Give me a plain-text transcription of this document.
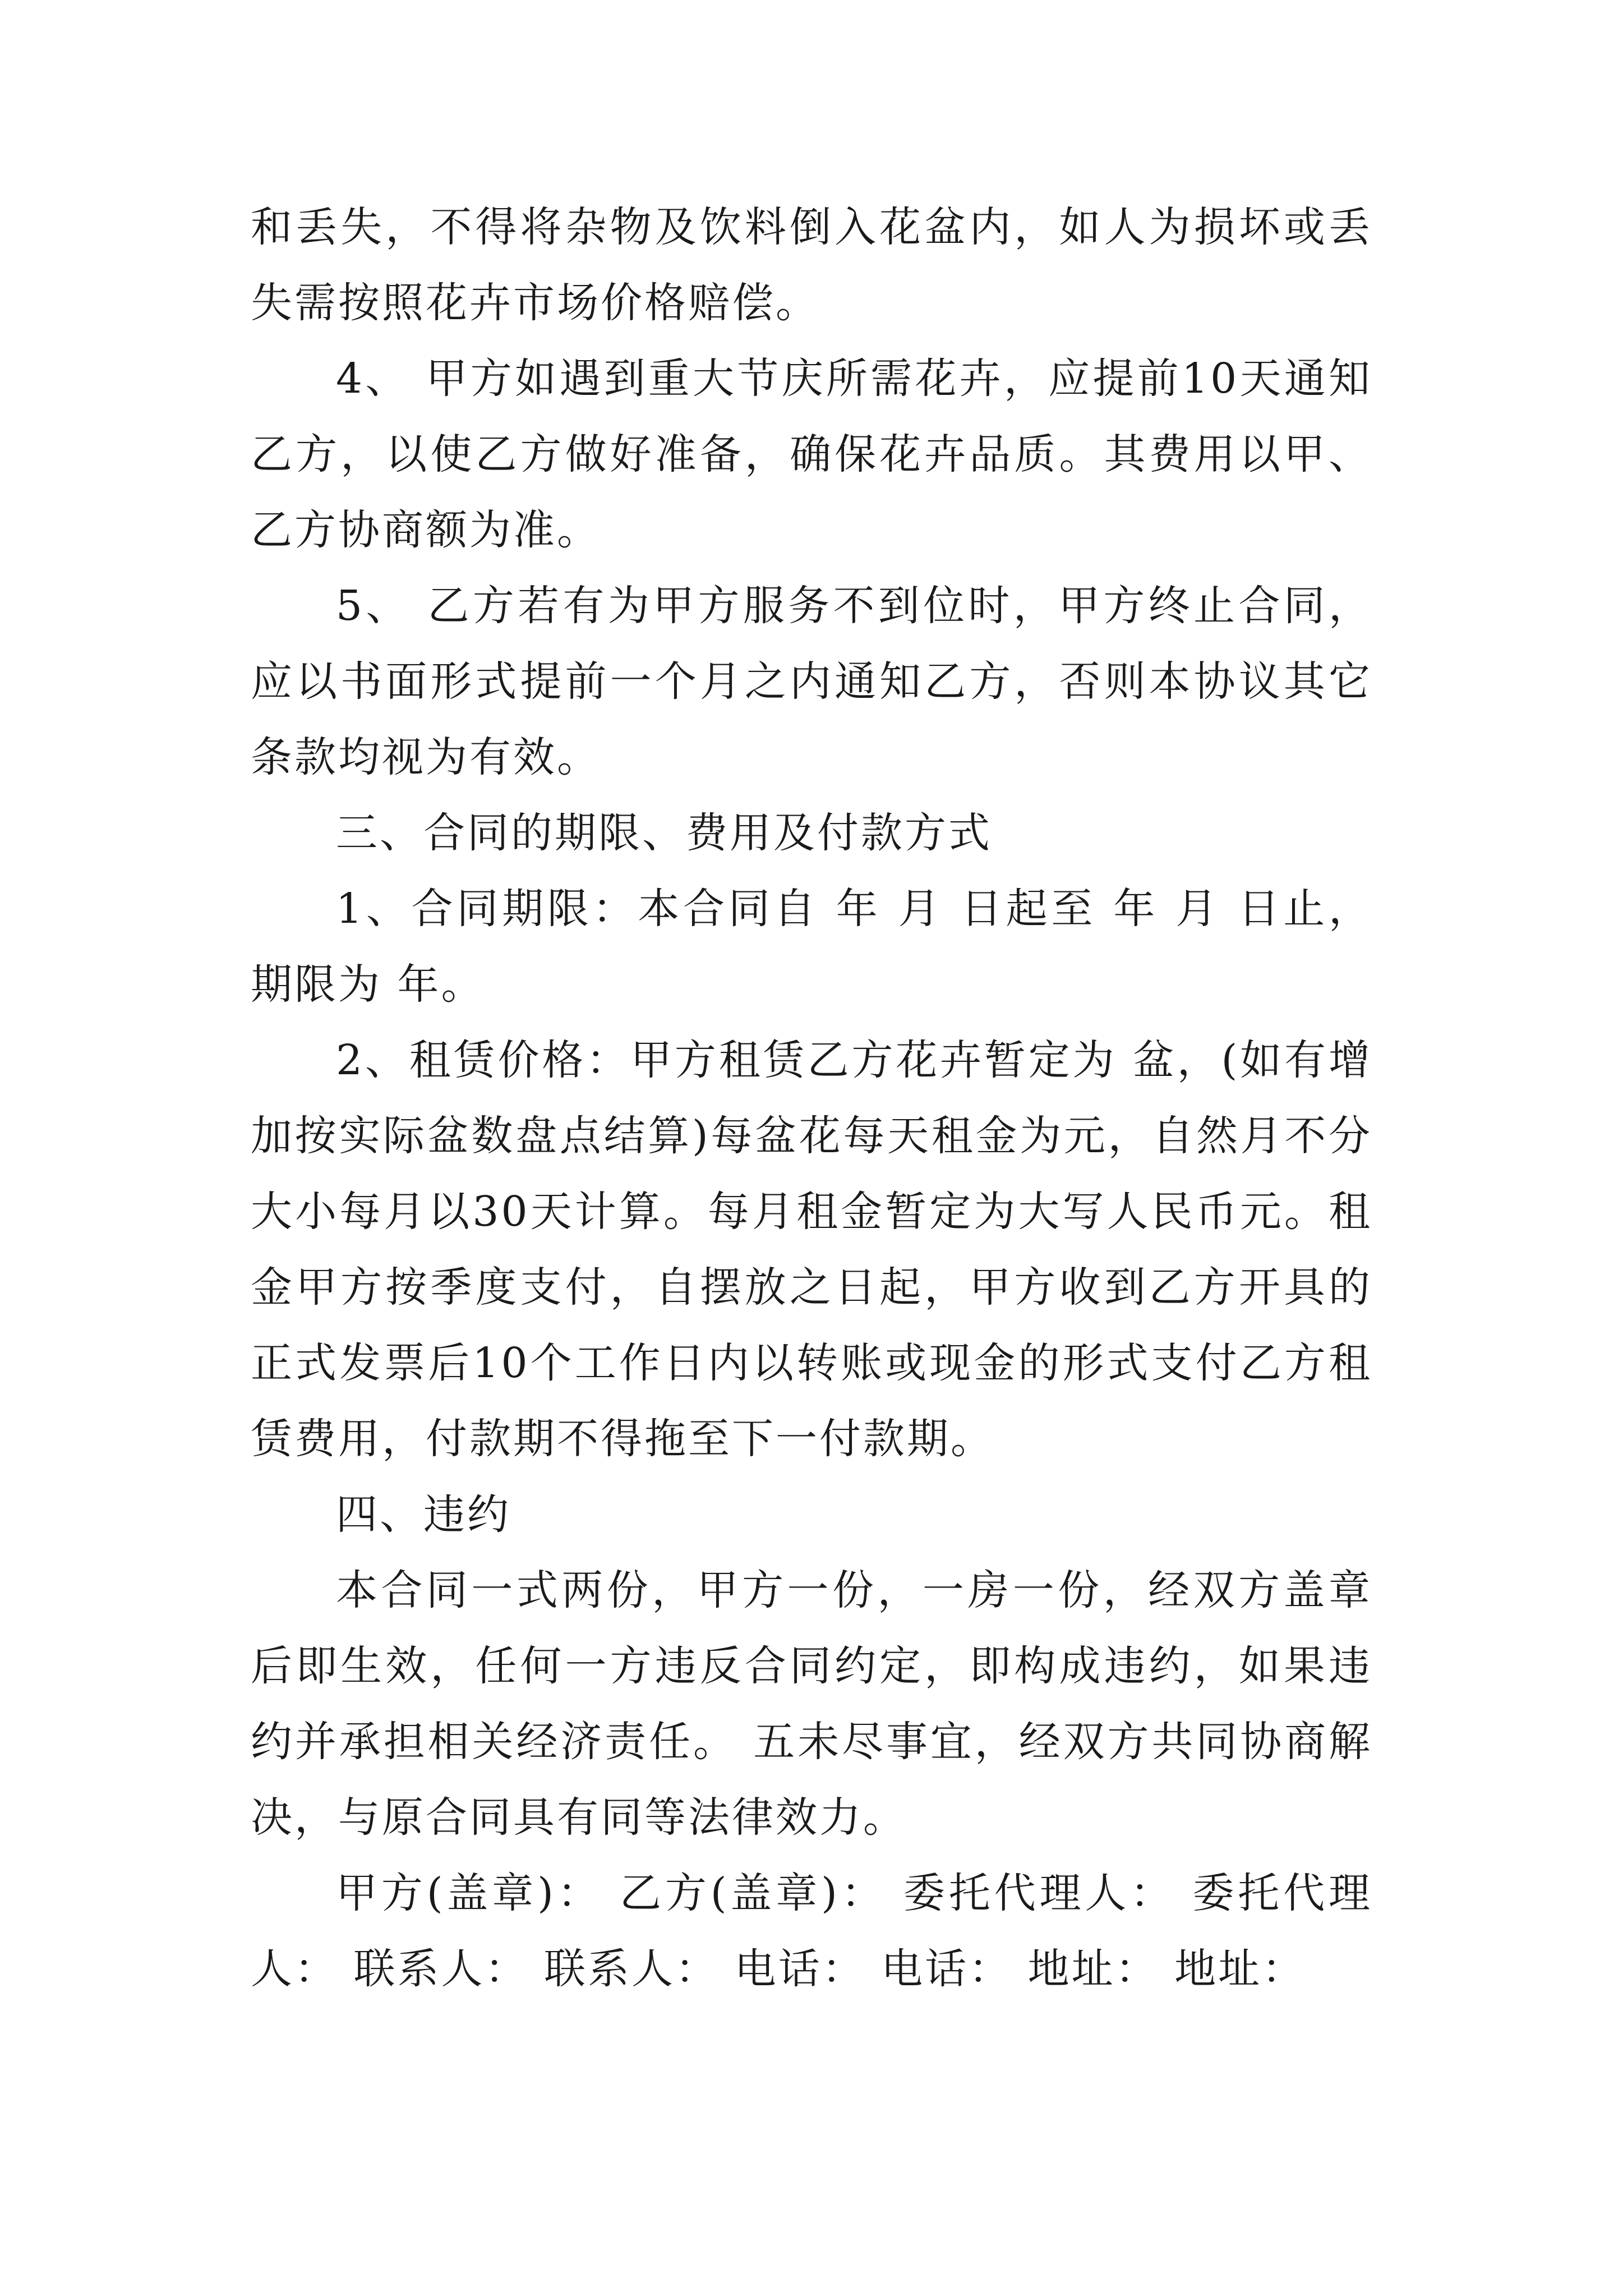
和丢失，不得将杂物及饮料倒入花盆内，如人为损坏或丢失需按照花卉市场价格赔偿。

4、 甲方如遇到重大节庆所需花卉，应提前10天通知乙方，以使乙方做好准备，确保花卉品质。其费用以甲、乙方协商额为准。

5、 乙方若有为甲方服务不到位时，甲方终止合同，应以书面形式提前一个月之内通知乙方，否则本协议其它条款均视为有效。

三、合同的期限、费用及付款方式

1、合同期限：本合同自 年 月 日起至 年 月 日止，期限为 年。

2、租赁价格：甲方租赁乙方花卉暂定为 盆，(如有增加按实际盆数盘点结算)每盆花每天租金为元，自然月不分大小每月以30天计算。每月租金暂定为大写人民币元。租金甲方按季度支付，自摆放之日起，甲方收到乙方开具的正式发票后10个工作日内以转账或现金的形式支付乙方租赁费用，付款期不得拖至下一付款期。

四、违约

本合同一式两份，甲方一份，一房一份，经双方盖章后即生效，任何一方违反合同约定，即构成违约，如果违约并承担相关经济责任。 五未尽事宜，经双方共同协商解决，与原合同具有同等法律效力。

甲方(盖章)： 乙方(盖章)： 委托代理人： 委托代理人： 联系人： 联系人： 电话： 电话： 地址： 地址：
